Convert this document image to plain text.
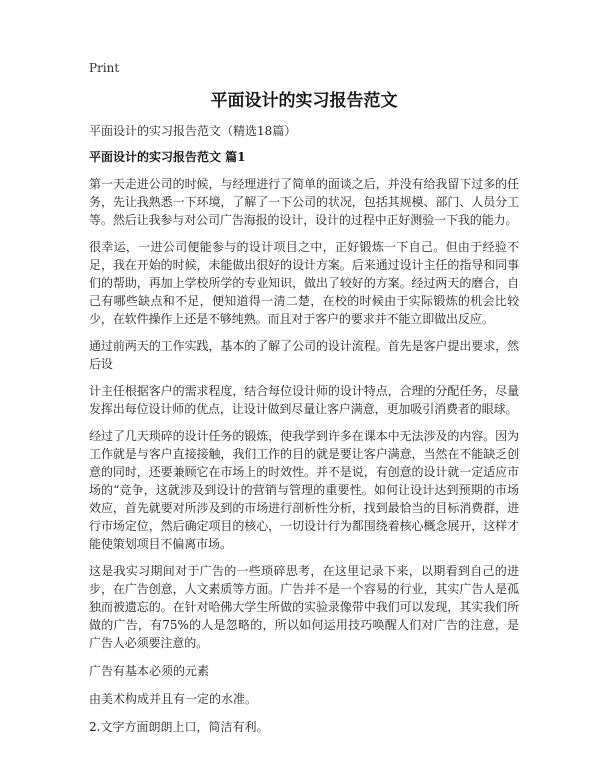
Print

平面设计的实习报告范文

平面设计的实习报告范文（精选18篇）

平面设计的实习报告范文 篇1

第一天走进公司的时候，与经理进行了简单的面谈之后，并没有给我留下过多的任务，先让我熟悉一下环境，了解了一下公司的状况，包括其规模、部门、人员分工等。然后让我参与对公司广告海报的设计，设计的过程中正好测验一下我的能力。

很幸运，一进公司便能参与的设计项目之中，正好锻炼一下自己。但由于经验不足，我在开始的时候，未能做出很好的设计方案。后来通过设计主任的指导和同事们的帮助，再加上学校所学的专业知识，做出了较好的方案。经过两天的磨合，自己有哪些缺点和不足，便知道得一清二楚，在校的时候由于实际锻炼的机会比较少，在软件操作上还是不够纯熟。而且对于客户的要求并不能立即做出反应。

通过前两天的工作实践，基本的了解了公司的设计流程。首先是客户提出要求，然后设

计主任根据客户的需求程度，结合每位设计师的设计特点，合理的分配任务，尽量发挥出每位设计师的优点，让设计做到尽量让客户满意，更加吸引消费者的眼球。

经过了几天琐碎的设计任务的锻炼，使我学到许多在课本中无法涉及的内容。因为工作就是与客户直接接触，我们工作的目的就是要让客户满意，当然在不能缺乏创意的同时，还要兼顾它在市场上的时效性。并不是说，有创意的设计就一定适应市场的“竞争，这就涉及到设计的营销与管理的重要性。如何让设计达到预期的市场效应，首先就要对所涉及到的市场进行剖析性分析，找到最恰当的目标消费群，进行市场定位，然后确定项目的核心，一切设计行为都围绕着核心概念展开，这样才能使策划项目不偏离市场。

这是我实习期间对于广告的一些琐碎思考，在这里记录下来，以期看到自己的进步，在广告创意，人文素质等方面。广告并不是一个容易的行业，其实广告人是孤独而被遗忘的。在针对哈佛大学生所做的实验录像带中我们可以发现，其实我们所做的广告，有75%的人是忽略的，所以如何运用技巧唤醒人们对广告的注意，是广告人必须要注意的。

广告有基本必须的元素

由美术构成并且有一定的水准。

2.文字方面朗朗上口，简洁有利。
